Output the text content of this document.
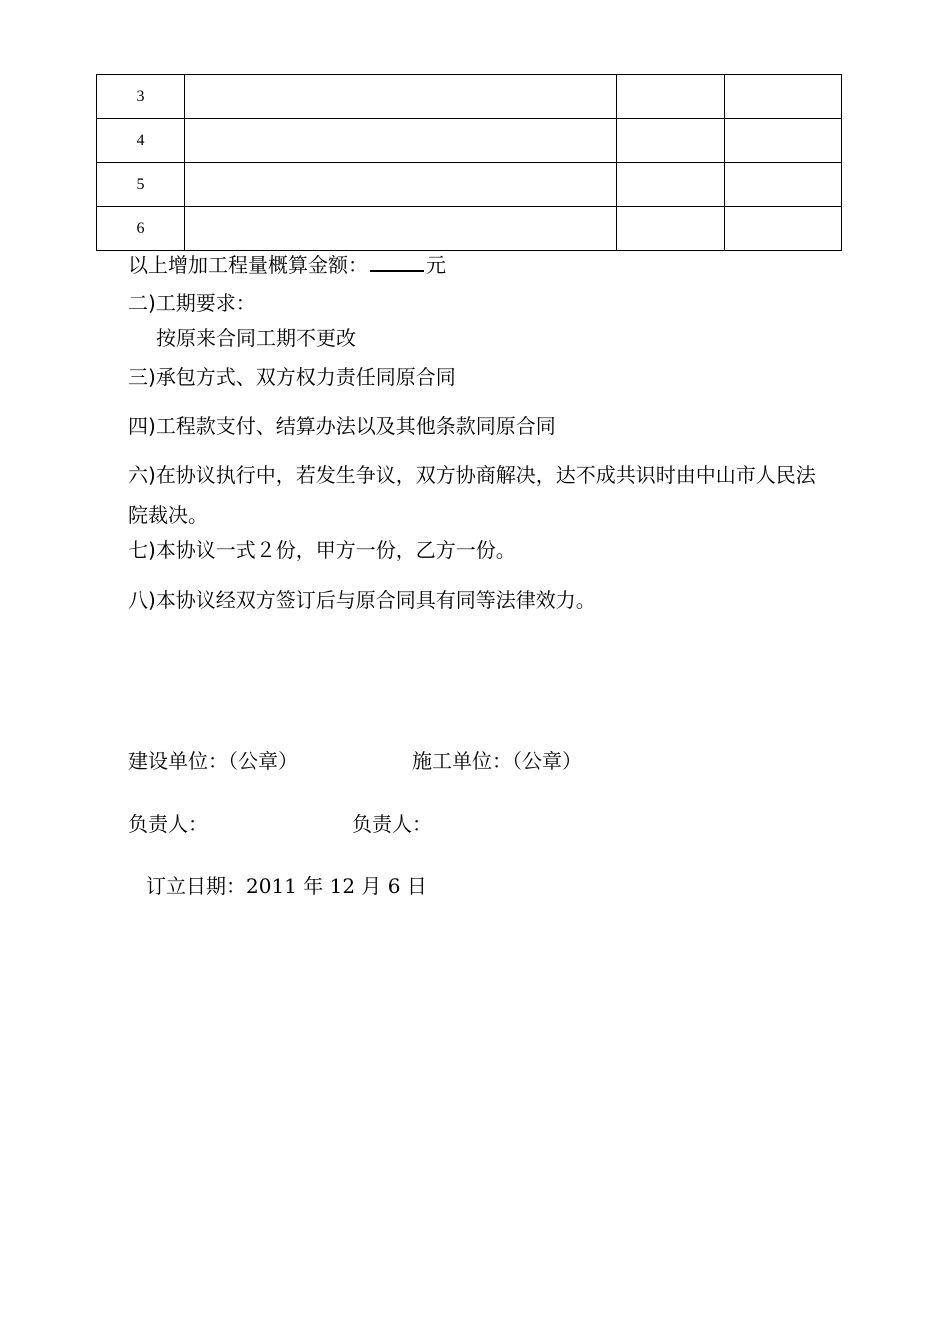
3			
4			
5			
6			
以上增加工程量概算金额：	元
二)工期要求：
按原来合同工期不更改
三)承包方式、双方权力责任同原合同
四)工程款支付、结算办法以及其他条款同原合同
六)在协议执行中，若发生争议，双方协商解决，达不成共识时由中山市人民法院裁决。
七)本协议一式２份，甲方一份，乙方一份。
八)本协议经双方签订后与原合同具有同等法律效力。
建设单位：（公章）	施工单位：（公章）
负责人：	负责人：
订立日期：2011 年 12 月 6 日
